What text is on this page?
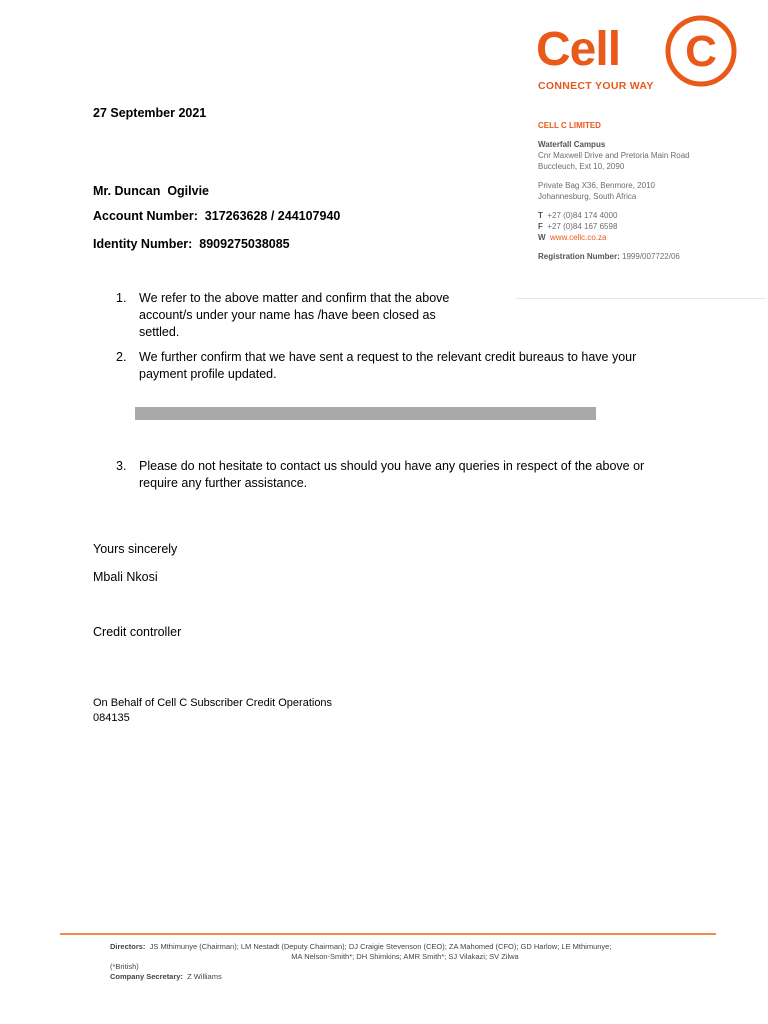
Cell C
CONNECT YOUR WAY
CELL C LIMITED
Waterfall Campus
Cnr Maxwell Drive and Pretoria Main Road
Buccleuch, Ext 10, 2090
Private Bag X36, Benmore, 2010
Johannesburg, South Africa
T +27 (0)84 174 4000
F +27 (0)84 167 6598
W www.cellc.co.za
Registration Number: 1999/007722/06
27 September 2021
Mr. Duncan  Ogilvie
Account Number:  317263628 / 244107940
Identity Number:  8909275038085
1. We refer to the above matter and confirm that the above account/s under your name has /have been closed as settled.
2. We further confirm that we have sent a request to the relevant credit bureaus to have your payment profile updated.
3. Please do not hesitate to contact us should you have any queries in respect of the above or require any further assistance.
Yours sincerely
Mbali Nkosi
Credit controller
On Behalf of Cell C Subscriber Credit Operations
084135
Directors: JS Mthimunye (Chairman); LM Nestadt (Deputy Chairman); DJ Craigie Stevenson (CEO); ZA Mahomed (CFO); GD Harlow; LE Mthimunye;
MA Nelson-Smith*; DH Shimkins; AMR Smith*; SJ Vilakazi; SV Zilwa
(*British)
Company Secretary: Z Williams
